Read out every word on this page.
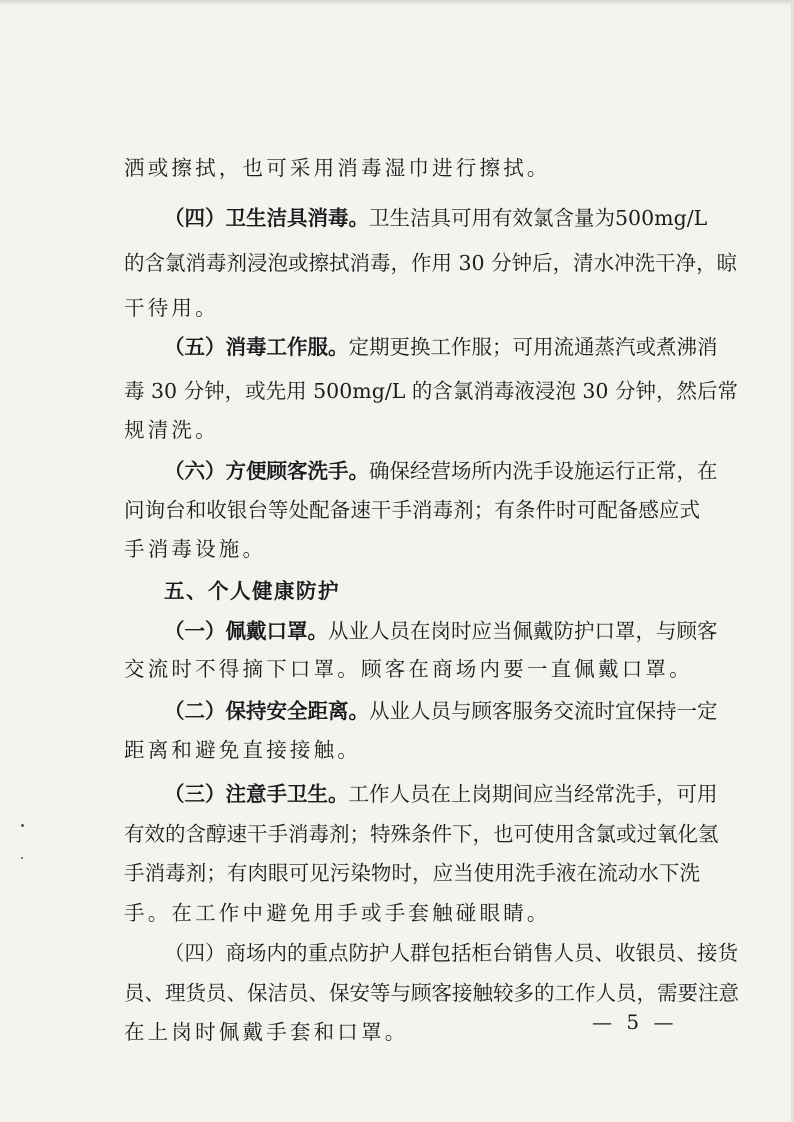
洒或擦拭，也可采用消毒湿巾进行擦拭。
（四）卫生洁具消毒。卫生洁具可用有效氯含量为500mg/L
的含氯消毒剂浸泡或擦拭消毒，作用 30 分钟后，清水冲洗干净，晾
干待用。
（五）消毒工作服。定期更换工作服；可用流通蒸汽或煮沸消
毒 30 分钟，或先用 500mg/L 的含氯消毒液浸泡 30 分钟，然后常
规清洗。
（六）方便顾客洗手。确保经营场所内洗手设施运行正常，在
问询台和收银台等处配备速干手消毒剂；有条件时可配备感应式
手消毒设施。
五、个人健康防护
（一）佩戴口罩。从业人员在岗时应当佩戴防护口罩，与顾客
交流时不得摘下口罩。顾客在商场内要一直佩戴口罩。
（二）保持安全距离。从业人员与顾客服务交流时宜保持一定
距离和避免直接接触。
（三）注意手卫生。工作人员在上岗期间应当经常洗手，可用
有效的含醇速干手消毒剂；特殊条件下，也可使用含氯或过氧化氢
手消毒剂；有肉眼可见污染物时，应当使用洗手液在流动水下洗
手。在工作中避免用手或手套触碰眼睛。
（四）商场内的重点防护人群包括柜台销售人员、收银员、接货
员、理货员、保洁员、保安等与顾客接触较多的工作人员，需要注意
在上岗时佩戴手套和口罩。	— 5 —
